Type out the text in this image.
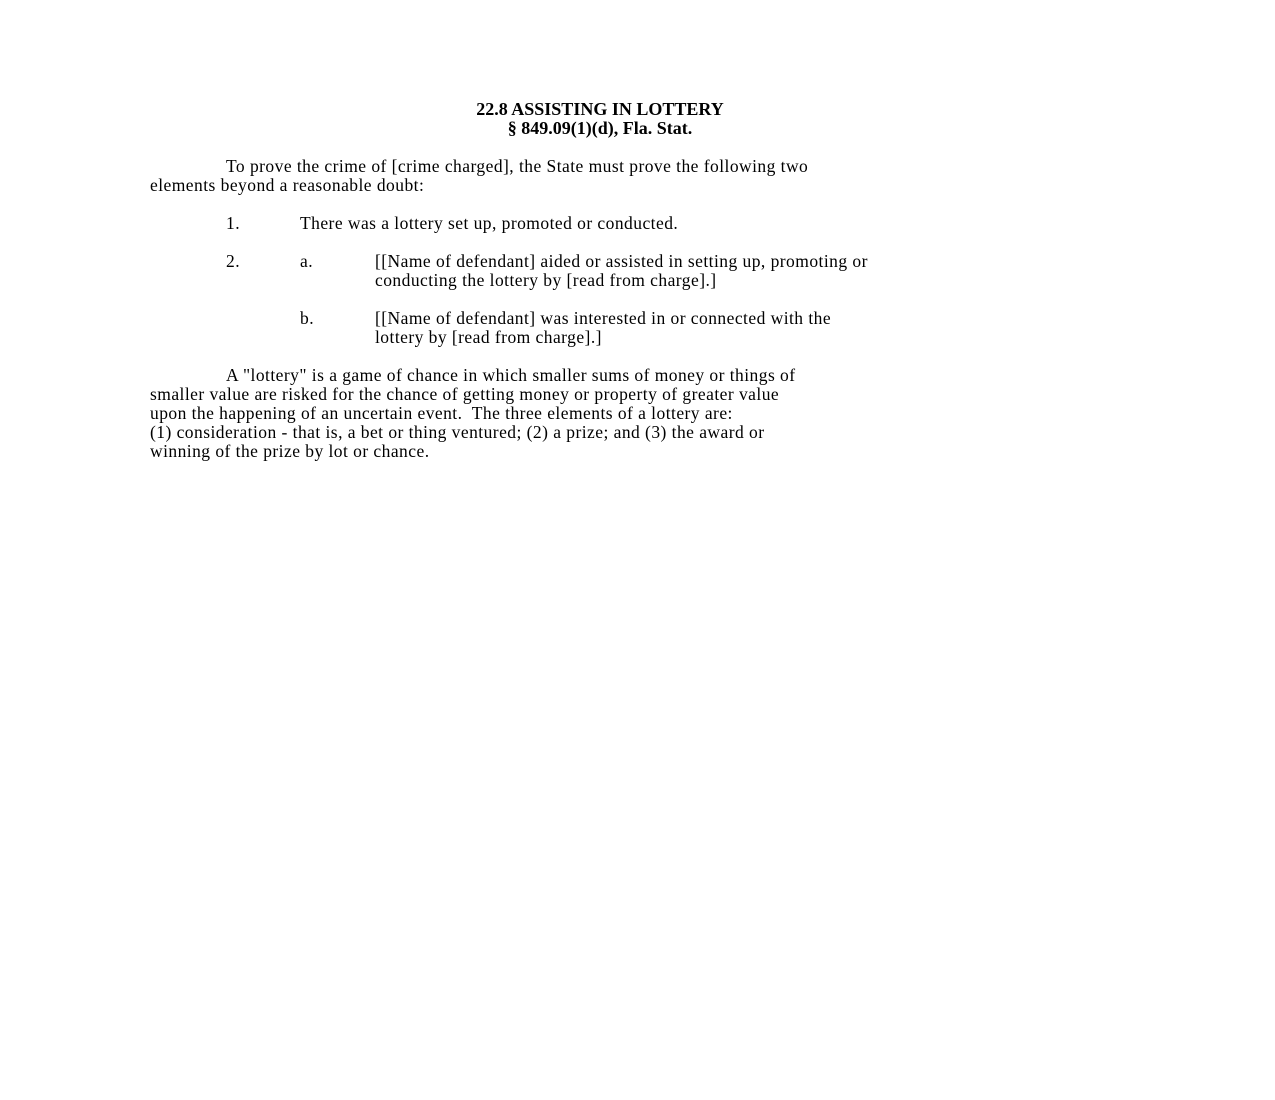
22.8 ASSISTING IN LOTTERY
§ 849.09(1)(d), Fla. Stat.
To prove the crime of [crime charged], the State must prove the following two
elements beyond a reasonable doubt:
1.	There was a lottery set up, promoted or conducted.
2.	a.	[[Name of defendant] aided or assisted in setting up, promoting or
conducting the lottery by [read from charge].]
b.	[[Name of defendant] was interested in or connected with the
lottery by [read from charge].]
A "lottery" is a game of chance in which smaller sums of money or things of
smaller value are risked for the chance of getting money or property of greater value
upon the happening of an uncertain event.  The three elements of a lottery are:
(1) consideration - that is, a bet or thing ventured; (2) a prize; and (3) the award or
winning of the prize by lot or chance.
